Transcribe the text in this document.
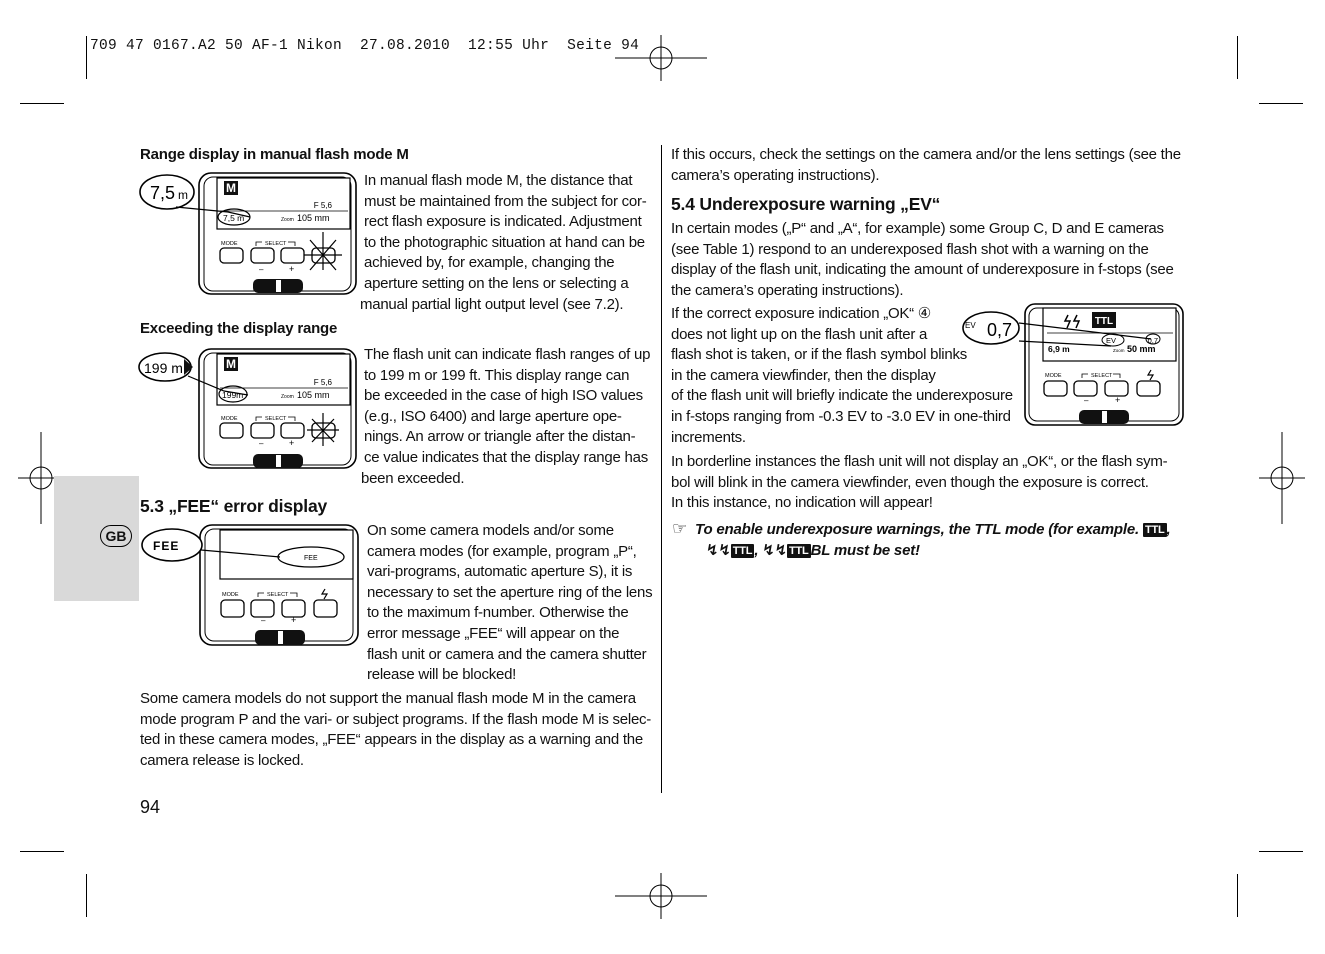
709 47 0167.A2 50 AF-1 Nikon  27.08.2010  12:55 Uhr  Seite 94
GB
Range display in manual flash mode M
M
F 5,6
7,5 m	Zoom 105 mm
7,5 m
MODE	SELECT
–	+
In manual flash mode M, the distance that
must be maintained from the subject for cor-
rect flash exposure is indicated. Adjustment
to the photographic situation at hand can be
achieved by, for example, changing the
aperture setting on the lens or selecting a
manual partial light output level (see 7.2).
Exceeding the display range
M
F 5,6
199m	Zoom 105 mm
199 m
MODE	SELECT
–	+
The flash unit can indicate flash ranges of up
to 199 m or 199 ft. This display range can
be exceeded in the case of high ISO values
(e.g., ISO 6400) and large aperture ope-
nings. An arrow or triangle after the distan-
ce value indicates that the display range has
been exceeded.
5.3 „FEE“ error display
FEE
FEE
MODE	SELECT
–	+
On some camera models and/or some
camera modes (for example, program „P“,
vari-programs, automatic aperture S), it is
necessary to set the aperture ring of the lens
to the maximum f-number. Otherwise the
error message „FEE“ will appear on the
flash unit or camera and the camera shutter
release will be blocked!
Some camera models do not support the manual flash mode M in the camera
mode program P and the vari- or subject programs. If the flash mode M is selec-
ted in these camera modes, „FEE“ appears in the display as a warning and the
camera release is locked.
94
If this occurs, check the settings on the camera and/or the lens settings (see the
camera’s operating instructions).
5.4 Underexposure warning „EV“
In certain modes („P“ and „A“, for example) some Group C, D and E cameras
(see Table 1) respond to an underexposed flash shot with a warning on the
display of the flash unit, indicating the amount of underexposure in f-stops (see
the camera’s operating instructions).
If the correct exposure indication „OK“ ④
does not light up on the flash unit after a
flash shot is taken, or if the flash symbol blinks
in the camera viewfinder, then the display
of the flash unit will briefly indicate the underexposure
in f-stops ranging from -0.3 EV to -3.0 EV in one-third
increments.
TTL
6,9 m
EV	0,7
Zoom 50 mm
EV 0,7
MODE	SELECT
–	+
In borderline instances the flash unit will not display an „OK“, or the flash sym-
bol will blink in the camera viewfinder, even though the exposure is correct.
In this instance, no indication will appear!
☞ To enable underexposure warnings, the TTL mode (for example. TTL ,
↯↯ TTL , ↯↯ TTL BL must be set!
